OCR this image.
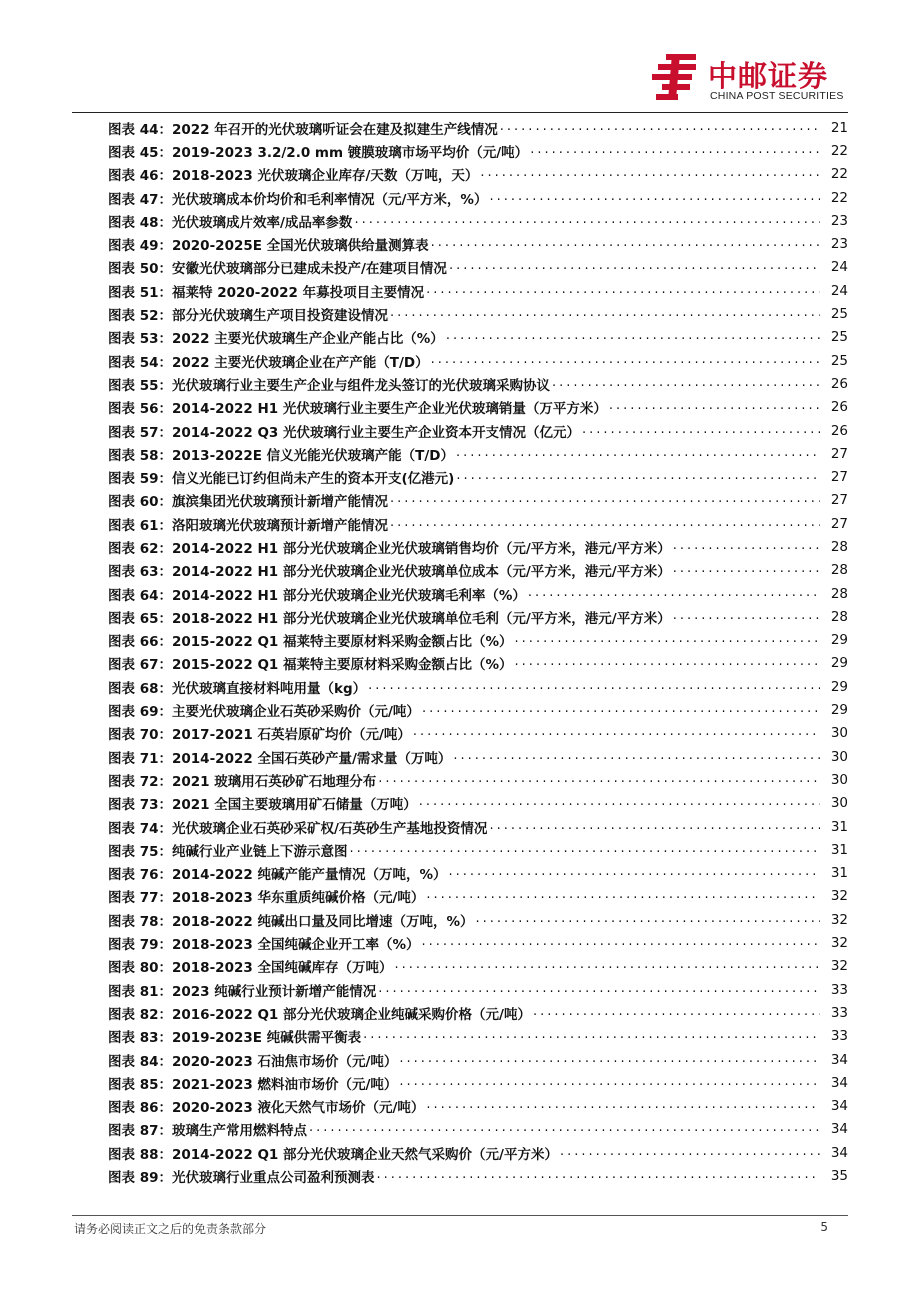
中邮证券
CHINA POST SECURITIES
图表 44： 2022 年召开的光伏玻璃听证会在建及拟建生产线情况 .....	21
图表 45： 2019-2023 3.2/2.0 mm 镀膜玻璃市场平均价（元/吨） .....	22
图表 46： 2018-2023 光伏玻璃企业库存/天数（万吨，天） .....	22
图表 47： 光伏玻璃成本价均价和毛利率情况（元/平方米，%） .....	22
图表 48： 光伏玻璃成片效率/成品率参数 .....	23
图表 49： 2020-2025E 全国光伏玻璃供给量测算表 .....	23
图表 50： 安徽光伏玻璃部分已建成未投产/在建项目情况 .....	24
图表 51： 福莱特 2020-2022 年募投项目主要情况 .....	24
图表 52： 部分光伏玻璃生产项目投资建设情况 .....	25
图表 53： 2022 主要光伏玻璃生产企业产能占比（%） .....	25
图表 54： 2022 主要光伏玻璃企业在产产能（T/D） .....	25
图表 55： 光伏玻璃行业主要生产企业与组件龙头签订的光伏玻璃采购协议 .....	26
图表 56： 2014-2022 H1 光伏玻璃行业主要生产企业光伏玻璃销量（万平方米） .....	26
图表 57： 2014-2022 Q3 光伏玻璃行业主要生产企业资本开支情况（亿元） .....	26
图表 58： 2013-2022E 信义光能光伏玻璃产能（T/D） .....	27
图表 59： 信义光能已订约但尚未产生的资本开支(亿港元) .....	27
图表 60： 旗滨集团光伏玻璃预计新增产能情况 .....	27
图表 61： 洛阳玻璃光伏玻璃预计新增产能情况 .....	27
图表 62： 2014-2022 H1 部分光伏玻璃企业光伏玻璃销售均价（元/平方米，港元/平方米） .....	28
图表 63： 2014-2022 H1 部分光伏玻璃企业光伏玻璃单位成本（元/平方米，港元/平方米） .....	28
图表 64： 2014-2022 H1 部分光伏玻璃企业光伏玻璃毛利率（%） .....	28
图表 65： 2018-2022 H1 部分光伏玻璃企业光伏玻璃单位毛利（元/平方米，港元/平方米） .....	28
图表 66： 2015-2022 Q1 福莱特主要原材料采购金额占比（%） .....	29
图表 67： 2015-2022 Q1 福莱特主要原材料采购金额占比（%） .....	29
图表 68： 光伏玻璃直接材料吨用量（kg） .....	29
图表 69： 主要光伏玻璃企业石英砂采购价（元/吨） .....	29
图表 70： 2017-2021 石英岩原矿均价（元/吨） .....	30
图表 71： 2014-2022 全国石英砂产量/需求量（万吨） .....	30
图表 72： 2021 玻璃用石英砂矿石地理分布 .....	30
图表 73： 2021 全国主要玻璃用矿石储量（万吨） .....	30
图表 74： 光伏玻璃企业石英砂采矿权/石英砂生产基地投资情况 .....	31
图表 75： 纯碱行业产业链上下游示意图 .....	31
图表 76： 2014-2022 纯碱产能产量情况（万吨，%） .....	31
图表 77： 2018-2023 华东重质纯碱价格（元/吨） .....	32
图表 78： 2018-2022 纯碱出口量及同比增速（万吨，%） .....	32
图表 79： 2018-2023 全国纯碱企业开工率（%） .....	32
图表 80： 2018-2023 全国纯碱库存（万吨） .....	32
图表 81： 2023 纯碱行业预计新增产能情况 .....	33
图表 82： 2016-2022 Q1 部分光伏玻璃企业纯碱采购价格（元/吨） .....	33
图表 83： 2019-2023E 纯碱供需平衡表 .....	33
图表 84： 2020-2023 石油焦市场价（元/吨） .....	34
图表 85： 2021-2023 燃料油市场价（元/吨） .....	34
图表 86： 2020-2023 液化天然气市场价（元/吨） .....	34
图表 87： 玻璃生产常用燃料特点 .....	34
图表 88： 2014-2022 Q1 部分光伏玻璃企业天然气采购价（元/平方米） .....	34
图表 89： 光伏玻璃行业重点公司盈利预测表 .....	35
请务必阅读正文之后的免责条款部分	5
